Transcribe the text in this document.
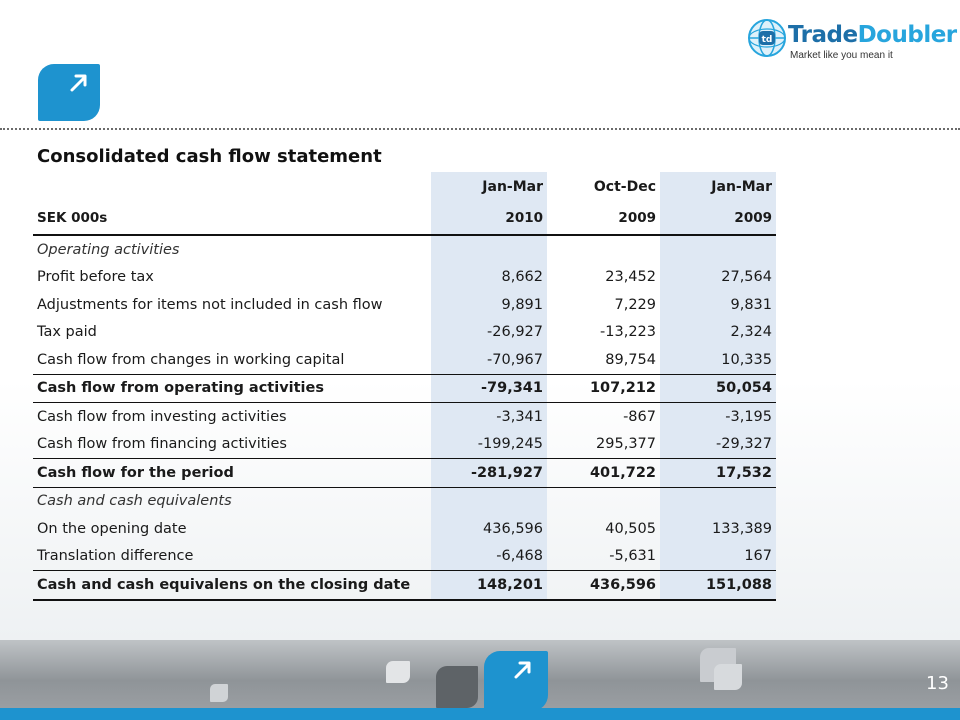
td TradeDoubler
Market like you mean it
Consolidated cash flow statement
	Jan-Mar	Oct-Dec	Jan-Mar
SEK 000s	2010	2009	2009
Operating activities			
Profit before tax	8,662	23,452	27,564
Adjustments for items not included in cash flow	9,891	7,229	9,831
Tax paid	-26,927	-13,223	2,324
Cash flow from changes in working capital	-70,967	89,754	10,335
Cash flow from operating activities	-79,341	107,212	50,054
Cash flow from investing activities	-3,341	-867	-3,195
Cash flow from financing activities	-199,245	295,377	-29,327
Cash flow for the period	-281,927	401,722	17,532
Cash and cash equivalents			
On the opening date	436,596	40,505	133,389
Translation difference	-6,468	-5,631	167
Cash and cash equivalens on the closing date	148,201	436,596	151,088
13
